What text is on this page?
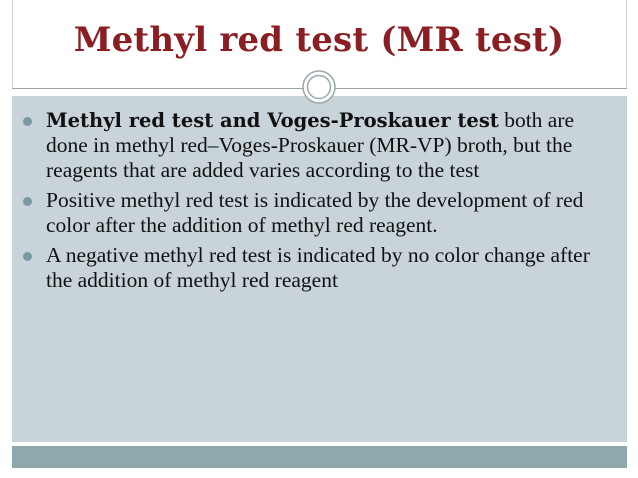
Methyl red test (MR test)
Methyl red test and Voges-Proskauer test both are done in methyl red–Voges-Proskauer (MR-VP) broth, but the reagents that are added varies according to the test
Positive methyl red test is indicated by the development of red color after the addition of methyl red reagent.
A negative methyl red test is indicated by no color change after the addition of methyl red reagent
